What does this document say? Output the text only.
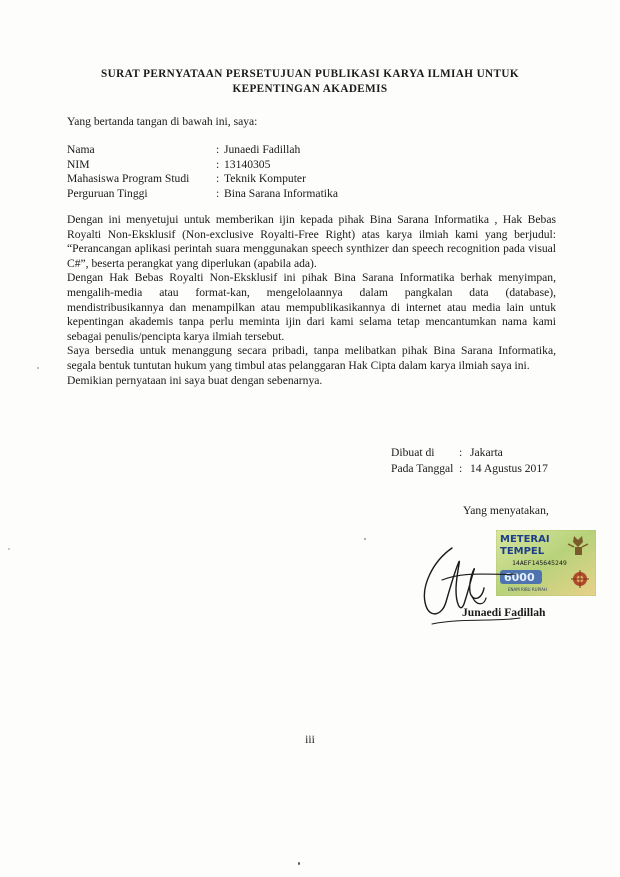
SURAT PERNYATAAN PERSETUJUAN PUBLIKASI KARYA ILMIAH UNTUK
KEPENTINGAN AKADEMIS
Yang bertanda tangan di bawah ini, saya:
Nama	: Junaedi Fadillah
NIM	: 13140305
Mahasiswa Program Studi	: Teknik Komputer
Perguruan Tinggi	: Bina Sarana Informatika

Dengan ini menyetujui untuk memberikan ijin kepada pihak Bina Sarana Informatika , Hak Bebas Royalti Non-Eksklusif (Non-exclusive Royalti-Free Right) atas karya ilmiah kami yang berjudul: “Perancangan aplikasi perintah suara menggunakan speech synthizer dan speech recognition pada visual C#”, beserta perangkat yang diperlukan (apabila ada).

Dengan Hak Bebas Royalti Non-Eksklusif ini pihak Bina Sarana Informatika berhak menyimpan, mengalih-media atau format-kan, mengelolaannya dalam pangkalan data (database), mendistribusikannya dan menampilkan atau mempublikasikannya di internet atau media lain untuk kepentingan akademis tanpa perlu meminta ijin dari kami selama tetap mencantumkan nama kami sebagai penulis/pencipta karya ilmiah tersebut.

Saya bersedia untuk menanggung secara pribadi, tanpa melibatkan pihak Bina Sarana Informatika, segala bentuk tuntutan hukum yang timbul atas pelanggaran Hak Cipta dalam karya ilmiah saya ini.

Demikian pernyataan ini saya buat dengan sebenarnya.

Dibuat di	: Jakarta
Pada Tanggal : 14 Agustus 2017
Yang menyatakan,
METERAI
TEMPEL
14AEF145645249
6000
ENAM RIBU RUPIAH
Junaedi Fadillah
iii
